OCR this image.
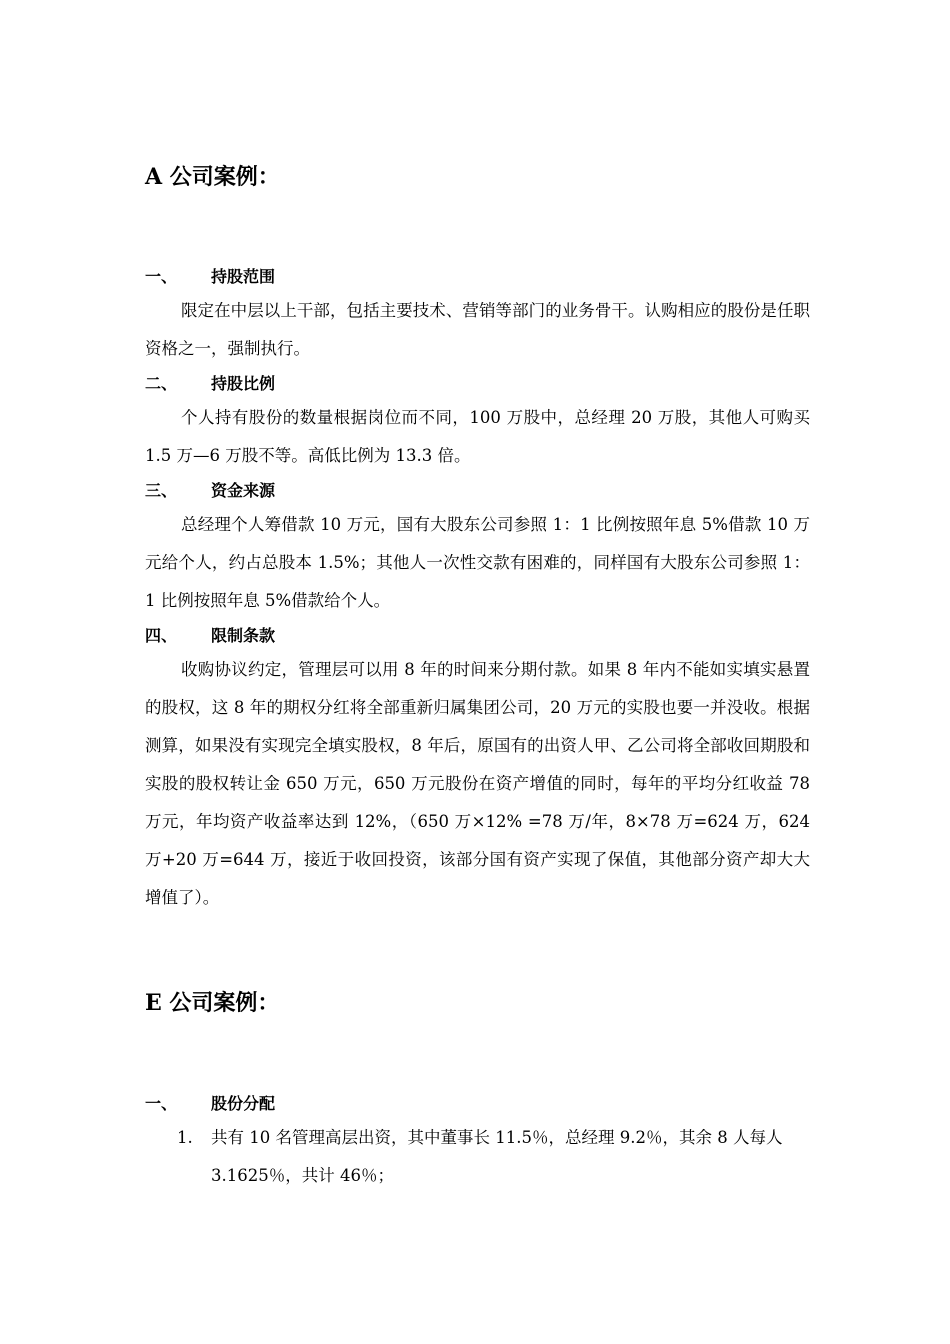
A 公司案例：
一、 持股范围
限定在中层以上干部，包括主要技术、营销等部门的业务骨干。认购相应的股份是任职资格之一，强制执行。
二、 持股比例
个人持有股份的数量根据岗位而不同，100 万股中，总经理 20 万股，其他人可购买 1.5 万—6 万股不等。高低比例为 13.3 倍。
三、 资金来源
总经理个人筹借款 10 万元，国有大股东公司参照 1：1 比例按照年息 5%借款 10 万元给个人，约占总股本 1.5%；其他人一次性交款有困难的，同样国有大股东公司参照 1：1 比例按照年息 5%借款给个人。
四、 限制条款
收购协议约定，管理层可以用 8 年的时间来分期付款。如果 8 年内不能如实填实悬置的股权，这 8 年的期权分红将全部重新归属集团公司，20 万元的实股也要一并没收。根据测算，如果没有实现完全填实股权，8 年后，原国有的出资人甲、乙公司将全部收回期股和实股的股权转让金 650 万元，650 万元股份在资产增值的同时，每年的平均分红收益 78 万元，年均资产收益率达到 12%，（650 万×12% =78 万/年，8×78 万=624 万，624 万+20 万=644 万，接近于收回投资，该部分国有资产实现了保值，其他部分资产却大大增值了）。
E 公司案例：
一、 股份分配
1. 共有 10 名管理高层出资，其中董事长 11.5％，总经理 9.2％，其余 8 人每人 3.1625％，共计 46％；
